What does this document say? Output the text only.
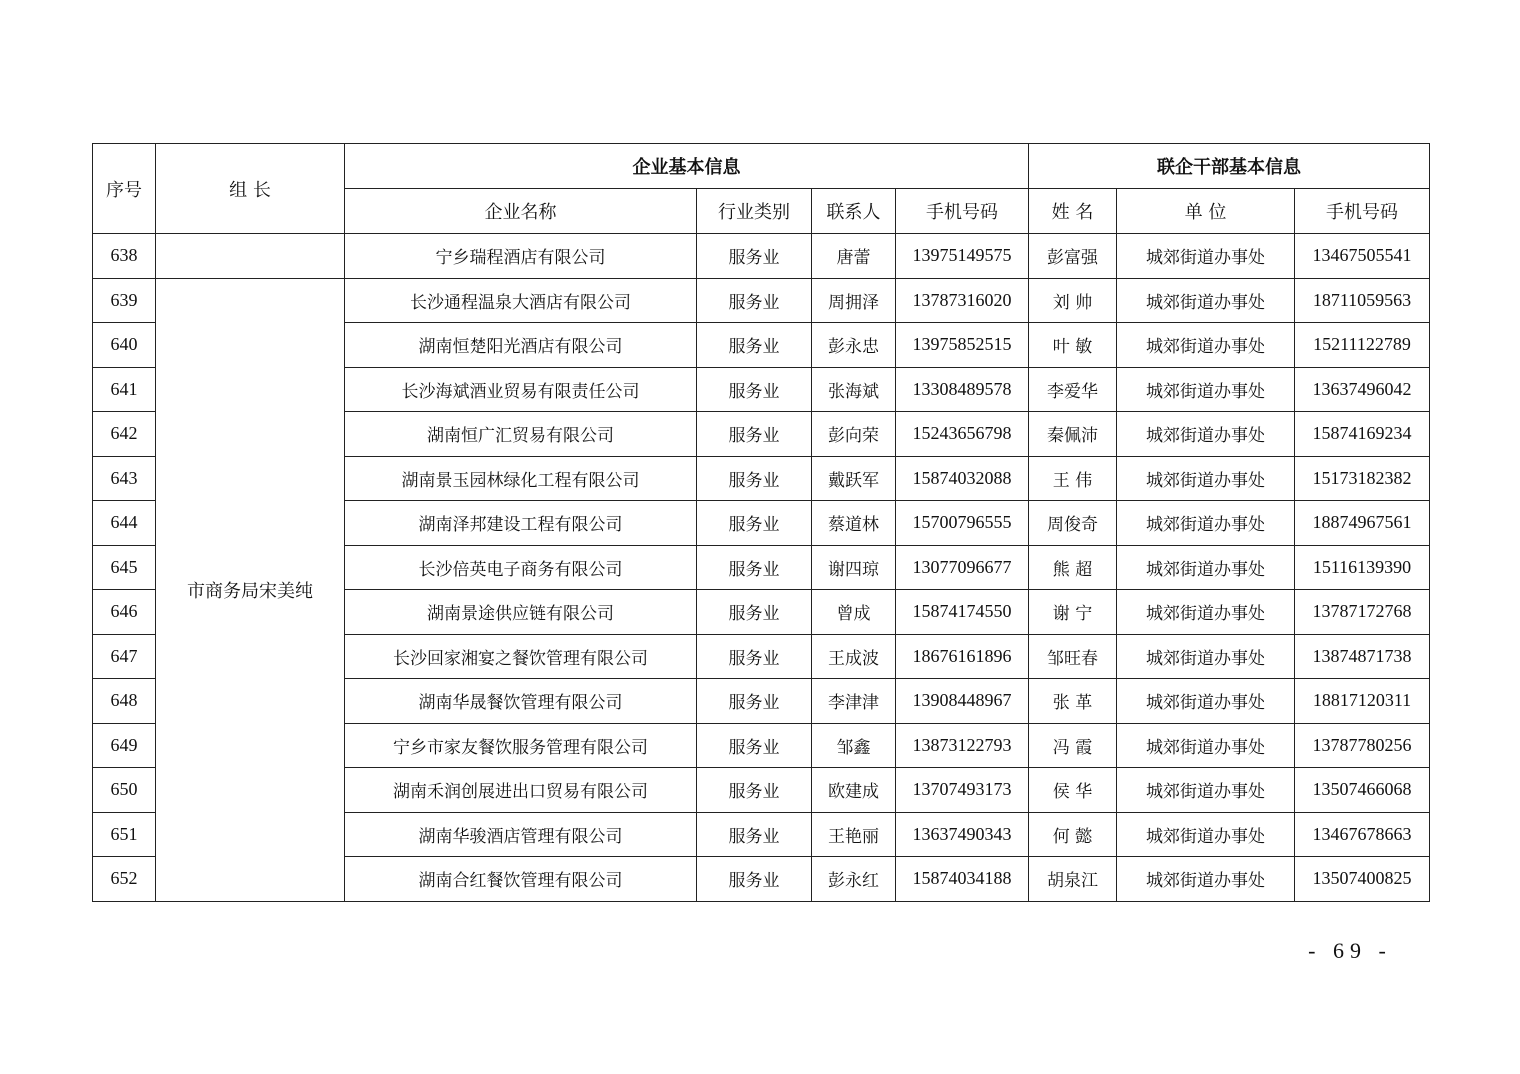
序号	组 长	企业基本信息				联企干部基本信息		
		企业名称	行业类别	联系人	手机号码	姓 名	单 位	手机号码
638		宁乡瑞程酒店有限公司	服务业	唐蕾	13975149575	彭富强	城郊街道办事处	13467505541
639	市商务局宋美纯	长沙通程温泉大酒店有限公司	服务业	周拥泽	13787316020	刘 帅	城郊街道办事处	18711059563
640		湖南恒楚阳光酒店有限公司	服务业	彭永忠	13975852515	叶 敏	城郊街道办事处	15211122789
641		长沙海斌酒业贸易有限责任公司	服务业	张海斌	13308489578	李爱华	城郊街道办事处	13637496042
642		湖南恒广汇贸易有限公司	服务业	彭向荣	15243656798	秦佩沛	城郊街道办事处	15874169234
643		湖南景玉园林绿化工程有限公司	服务业	戴跃军	15874032088	王 伟	城郊街道办事处	15173182382
644		湖南泽邦建设工程有限公司	服务业	蔡道林	15700796555	周俊奇	城郊街道办事处	18874967561
645		长沙倍英电子商务有限公司	服务业	谢四琼	13077096677	熊 超	城郊街道办事处	15116139390
646		湖南景途供应链有限公司	服务业	曾成	15874174550	谢 宁	城郊街道办事处	13787172768
647		长沙回家湘宴之餐饮管理有限公司	服务业	王成波	18676161896	邹旺春	城郊街道办事处	13874871738
648		湖南华晟餐饮管理有限公司	服务业	李津津	13908448967	张 革	城郊街道办事处	18817120311
649		宁乡市家友餐饮服务管理有限公司	服务业	邹鑫	13873122793	冯 霞	城郊街道办事处	13787780256
650		湖南禾润创展进出口贸易有限公司	服务业	欧建成	13707493173	侯 华	城郊街道办事处	13507466068
651		湖南华骏酒店管理有限公司	服务业	王艳丽	13637490343	何 懿	城郊街道办事处	13467678663
652		湖南合红餐饮管理有限公司	服务业	彭永红	15874034188	胡泉江	城郊街道办事处	13507400825
- 69 -
